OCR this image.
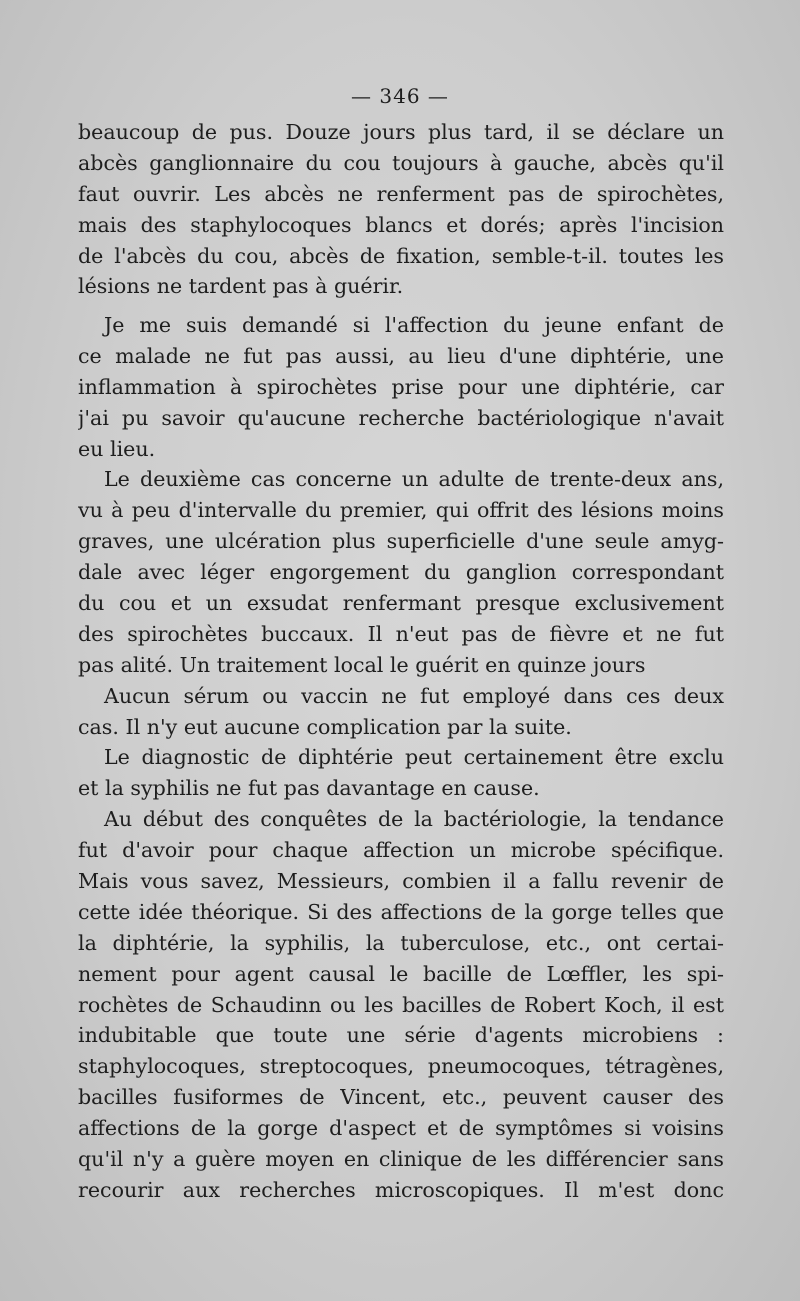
— 346 —
beaucoup de pus. Douze jours plus tard, il se déclare un
abcès ganglionnaire du cou toujours à gauche, abcès qu'il
faut ouvrir. Les abcès ne renferment pas de spirochètes,
mais des staphylocoques blancs et dorés; après l'incision
de l'abcès du cou, abcès de fixation, semble-t-il. toutes les
lésions ne tardent pas à guérir.
Je me suis demandé si l'affection du jeune enfant de
ce malade ne fut pas aussi, au lieu d'une diphtérie, une
inflammation à spirochètes prise pour une diphtérie, car
j'ai pu savoir qu'aucune recherche bactériologique n'avait
eu lieu.
Le deuxième cas concerne un adulte de trente-deux ans,
vu à peu d'intervalle du premier, qui offrit des lésions moins
graves, une ulcération plus superficielle d'une seule amyg-
dale avec léger engorgement du ganglion correspondant
du cou et un exsudat renfermant presque exclusivement
des spirochètes buccaux. Il n'eut pas de fièvre et ne fut
pas alité. Un traitement local le guérit en quinze jours
Aucun sérum ou vaccin ne fut employé dans ces deux
cas. Il n'y eut aucune complication par la suite.
Le diagnostic de diphtérie peut certainement être exclu
et la syphilis ne fut pas davantage en cause.
Au début des conquêtes de la bactériologie, la tendance
fut d'avoir pour chaque affection un microbe spécifique.
Mais vous savez, Messieurs, combien il a fallu revenir de
cette idée théorique. Si des affections de la gorge telles que
la diphtérie, la syphilis, la tuberculose, etc., ont certai-
nement pour agent causal le bacille de Lœffler, les spi-
rochètes de Schaudinn ou les bacilles de Robert Koch, il est
indubitable que toute une série d'agents microbiens :
staphylocoques, streptocoques, pneumocoques, tétragènes,
bacilles fusiformes de Vincent, etc., peuvent causer des
affections de la gorge d'aspect et de symptômes si voisins
qu'il n'y a guère moyen en clinique de les différencier sans
recourir aux recherches microscopiques. Il m'est donc
